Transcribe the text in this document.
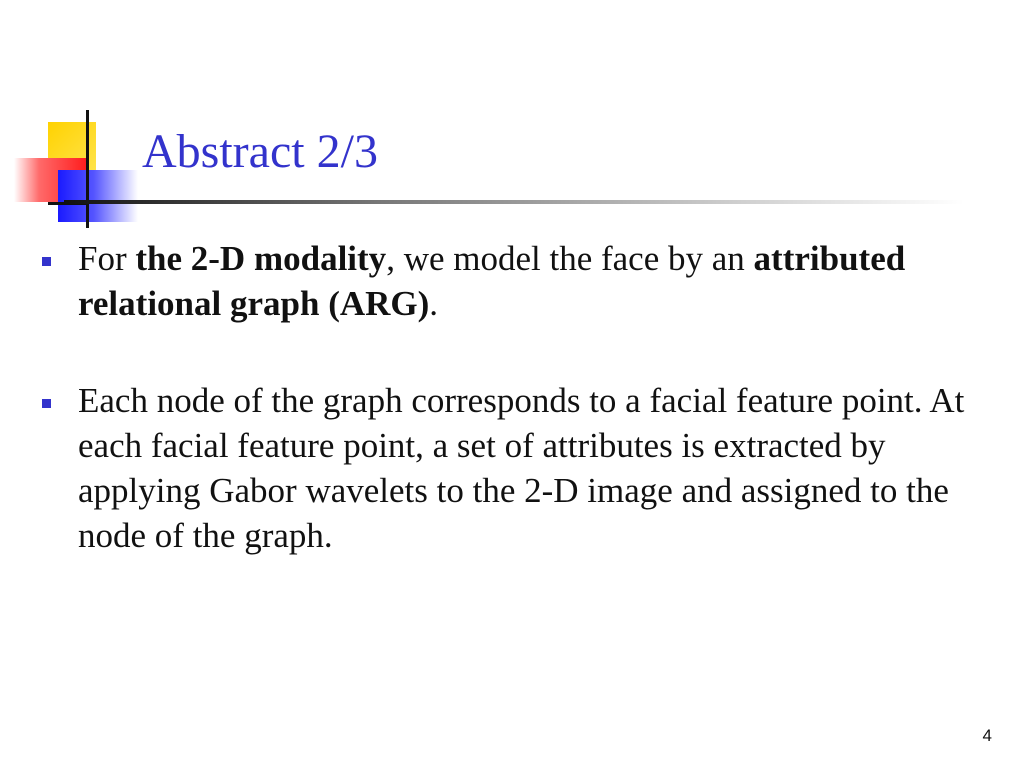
Abstract 2/3
For the 2-D modality, we model the face by an attributed relational graph (ARG).
Each node of the graph corresponds to a facial feature point. At each facial feature point, a set of attributes is extracted by applying Gabor wavelets to the 2-D image and assigned to the node of the graph.
4
